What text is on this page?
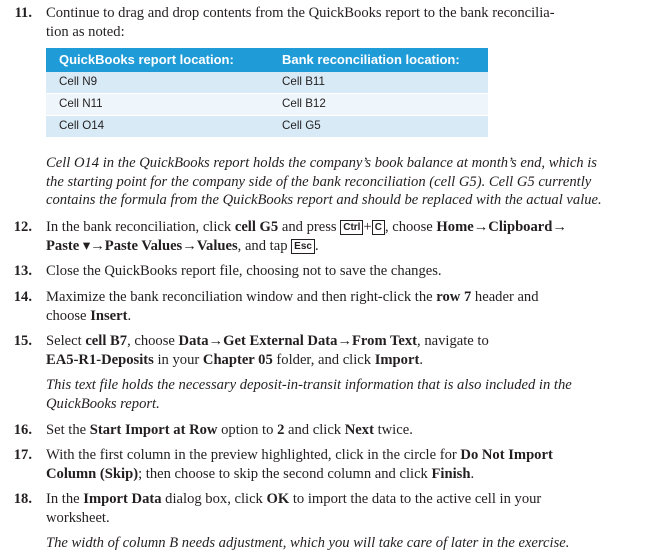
11. Continue to drag and drop contents from the QuickBooks report to the bank reconcilia-
tion as noted:
QuickBooks report location:	Bank reconciliation location:
Cell N9	Cell B11
Cell N11	Cell B12
Cell O14	Cell G5
Cell O14 in the QuickBooks report holds the company’s book balance at month’s end, which is
the starting point for the company side of the bank reconciliation (cell G5). Cell G5 currently
contains the formula from the QuickBooks report and should be replaced with the actual value.
12. In the bank reconciliation, click cell G5 and press Ctrl + C , choose Home→Clipboard→
Paste ▾→Paste Values→Values, and tap Esc .
13. Close the QuickBooks report file, choosing not to save the changes.
14. Maximize the bank reconciliation window and then right-click the row 7 header and
choose Insert.
15. Select cell B7, choose Data→Get External Data→From Text, navigate to
EA5-R1-Deposits in your Chapter 05 folder, and click Import.
This text file holds the necessary deposit-in-transit information that is also included in the
QuickBooks report.
16. Set the Start Import at Row option to 2 and click Next twice.
17. With the first column in the preview highlighted, click in the circle for Do Not Import
Column (Skip); then choose to skip the second column and click Finish.
18. In the Import Data dialog box, click OK to import the data to the active cell in your
worksheet.
The width of column B needs adjustment, which you will take care of later in the exercise.
